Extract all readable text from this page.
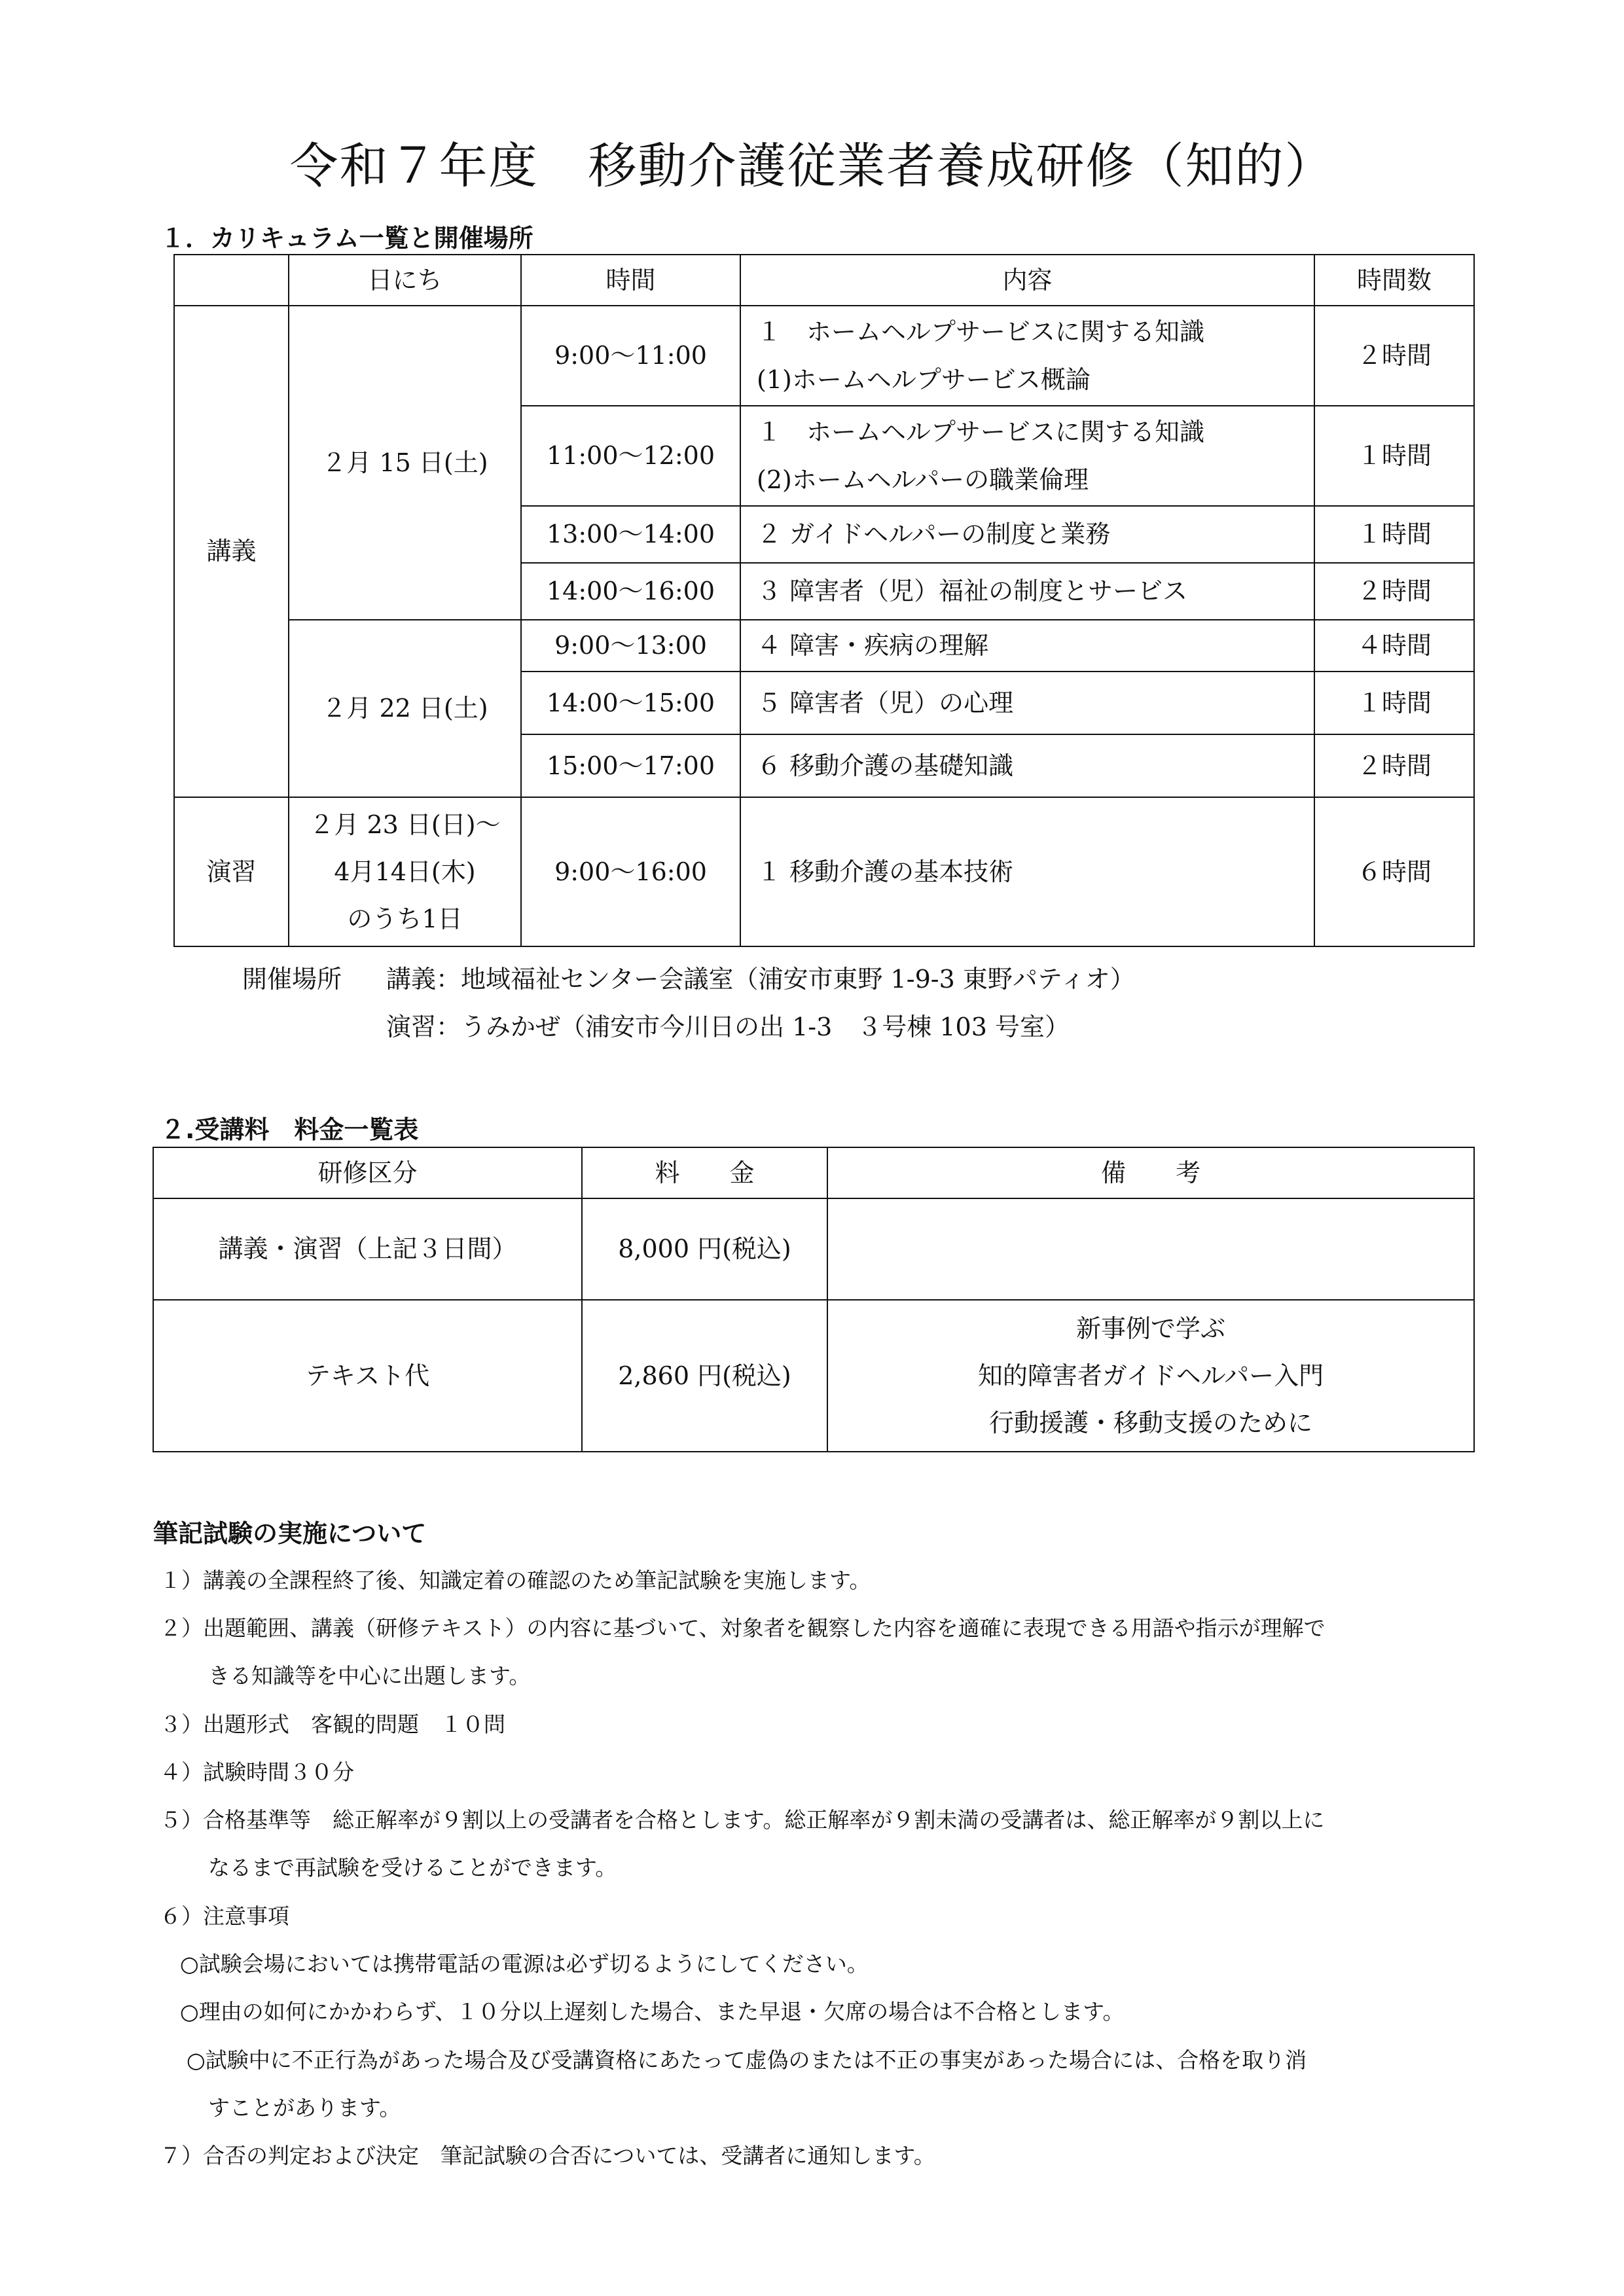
令和７年度　移動介護従業者養成研修（知的）
１．カリキュラム一覧と開催場所
	日にち	時間	内容	時間数
講義	２月 15 日(土)	9:00〜11:00	１　ホームヘルプサービスに関する知識
(1)ホームヘルプサービス概論	２時間
		11:00〜12:00	１　ホームヘルプサービスに関する知識
(2)ホームヘルパーの職業倫理	１時間
		13:00〜14:00	２ ガイドヘルパーの制度と業務	１時間
		14:00〜16:00	３ 障害者（児）福祉の制度とサービス	２時間
	２月 22 日(土)	9:00〜13:00	４ 障害・疾病の理解	４時間
		14:00〜15:00	５ 障害者（児）の心理	１時間
		15:00〜17:00	６ 移動介護の基礎知識	２時間
演習	２月 23 日(日)〜
4月14日(木)
のうち1日	9:00〜16:00	１ 移動介護の基本技術	６時間
開催場所 講義：地域福祉センター会議室（浦安市東野 1-9-3 東野パティオ）
演習：うみかぜ（浦安市今川日の出 1-3　３号棟 103 号室）
２.受講料　料金一覧表
研修区分	料　　金	備　　考
講義・演習（上記３日間）	8,000 円(税込)	
テキスト代	2,860 円(税込)	新事例で学ぶ
知的障害者ガイドヘルパー入門
行動援護・移動支援のために
筆記試験の実施について
１）講義の全課程終了後、知識定着の確認のため筆記試験を実施します。
２）出題範囲、講義（研修テキスト）の内容に基づいて、対象者を観察した内容を適確に表現できる用語や指示が理解で
きる知識等を中心に出題します。
３）出題形式　客観的問題　１０問
４）試験時間３０分
５）合格基準等　総正解率が９割以上の受講者を合格とします。総正解率が９割未満の受講者は、総正解率が９割以上に
なるまで再試験を受けることができます。
６）注意事項
○試験会場においては携帯電話の電源は必ず切るようにしてください。
○理由の如何にかかわらず、１０分以上遅刻した場合、また早退・欠席の場合は不合格とします。
○試験中に不正行為があった場合及び受講資格にあたって虚偽のまたは不正の事実があった場合には、合格を取り消
すことがあります。
７）合否の判定および決定　筆記試験の合否については、受講者に通知します。
